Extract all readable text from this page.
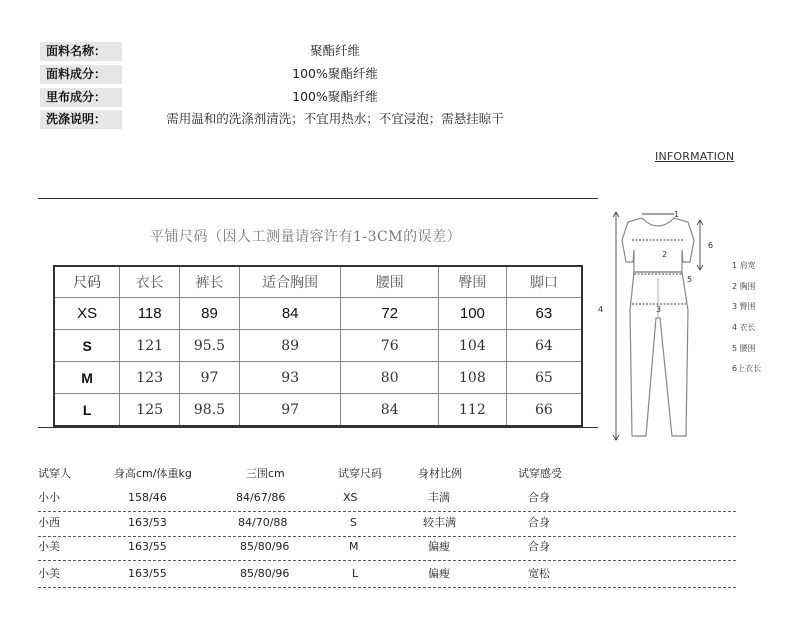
面料名称：	聚酯纤维
面料成分：	100%聚酯纤维
里布成分：	100%聚酯纤维
洗涤说明：	需用温和的洗涤剂清洗；不宜用热水；不宜浸泡；需悬挂晾干
INFORMATION
平铺尺码（因人工测量请容许有1-3CM的误差）
尺码	衣长	裤长	适合胸围	腰围	臀围	脚口
XS	118	89	84	72	100	63
S	121	95.5	89	76	104	64
M	123	97	93	80	108	65
L	125	98.5	97	84	112	66
1
2
3
4
5
6
1 肩宽
2 胸围
3 臀围
4 衣长
5 腰围
6上衣长
试穿人	身高cm/体重kg	三围cm	试穿尺码	身材比例	试穿感受
小小	158/46	84/67/86	XS	丰满	合身
小西	163/53	84/70/88	S	较丰满	合身
小美	163/55	85/80/96	M	偏瘦	合身
小美	163/55	85/80/96	L	偏瘦	宽松
